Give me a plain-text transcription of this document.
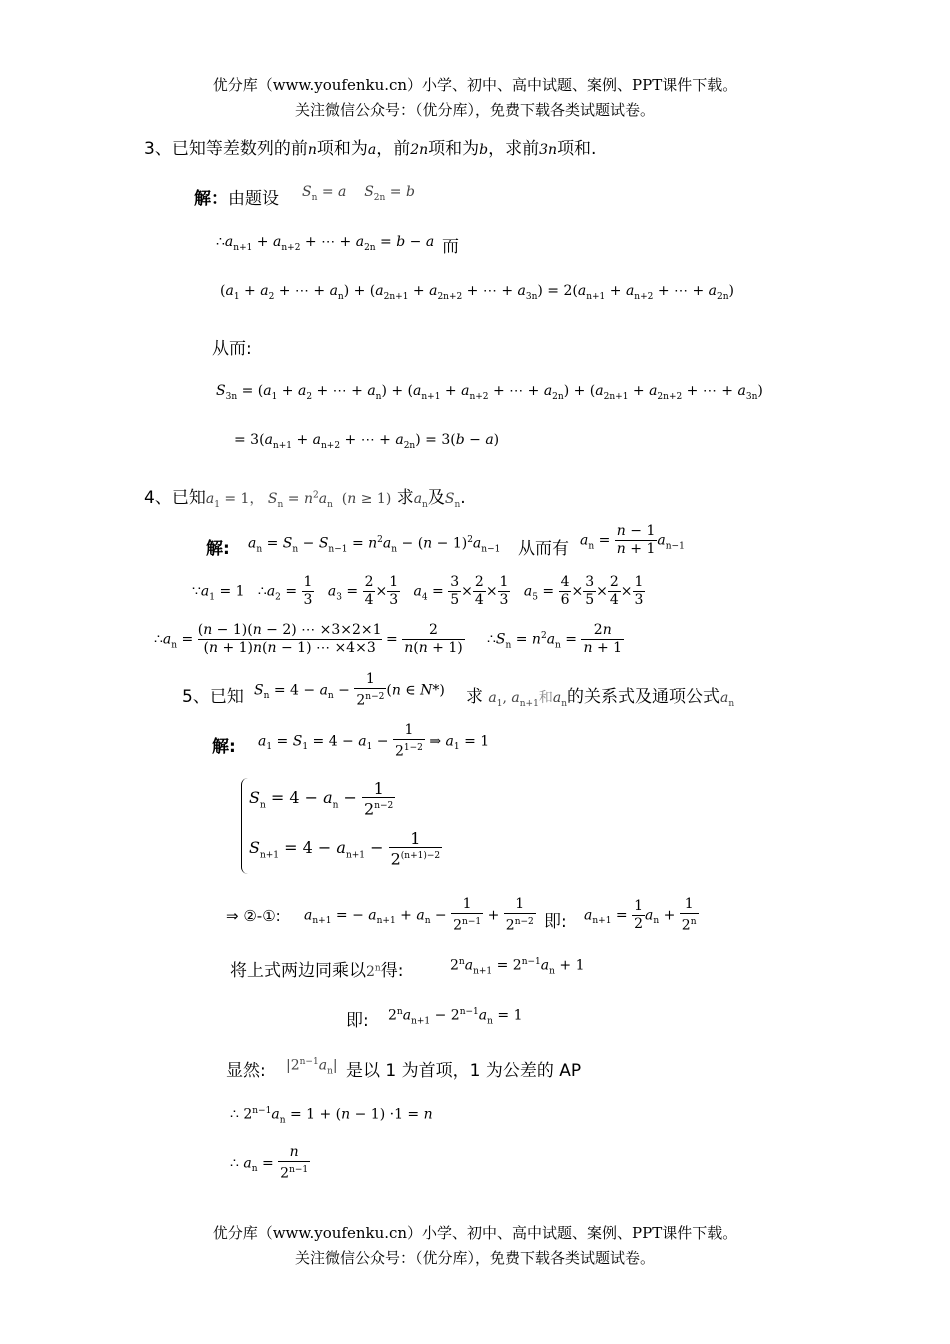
优分库（www.youfenku.cn）小学、初中、高中试题、案例、PPT课件下载。
关注微信公众号：（优分库），免费下载各类试题试卷。
3、已知等差数列的前n项和为a，前2n项和为b，求前3n项和.
解：由题设 $S_n = a$ $S_{2n} = b$
$\therefore a_{n+1} + a_{n+2}$ + ⋯ + $a_{2n} = b - a$ 而
($a_1 + a_2$ + ⋯ + $a_n) + (a_{2n+1} + a_{2n+2}$ + ⋯ + $a_{3n}) = 2(a_{n+1} + a_{n+2}$ + ⋯ + $a_{2n}$)
从而:
$S_{3n} = (a_1 + a_2$ + ⋯ + $a_n) + (a_{n+1} + a_{n+2}$ + ⋯ + $a_{2n}) + (a_{2n+1} + a_{2n+2}$ + ⋯ + $a_{3n}$)
= $3(a_{n+1} + a_{n+2}$ + ⋯ + $a_{2n}) = 3(b - a)$
4、已知$a_1 = 1$， $S_n = n^2a_n$  (n ≥ 1) 求$a_n$及$S_n$.
解: $a_n = S_n - S_{n-1} = n^2a_n - (n - 1)^2a_{n-1}$ 从而有 $a_n = \frac{n - 1}{n + 1} a_{n-1}$
$\because a_1 = 1$   $\therefore a_2 = \frac{1}{3} a_3 = \frac{2}{4} \times \frac{1}{3} a_4 = \frac{3}{5} \times \frac{2}{4} \times \frac{1}{3} a_5 = \frac{4}{6} \times \frac{3}{5} \times \frac{2}{4} \times \frac{1}{3}$
$\therefore a_n = \frac{(n - 1)(n - 2) \cdots \times 3\times 2\times 1}{(n + 1)n(n - 1) \cdots \times 4\times 3} = \frac{2}{n(n + 1)}$ $\therefore S_n = n^2a_n = \frac{2n}{n + 1}$
5、已知 $S_n = 4 - a_n - \frac{1}{2^{n-2}} (n$ ∈ N*) 求 $a_1$, $a_{n+1}$和$a_n$的关系式及通项公式$a_n$
解: $a_1 = S_1 = 4 - a_1 - \frac{1}{2^{1-2}}$ ⇒ $a_1 = 1$
$S_n = 4 - a_n - \frac{1}{2^{n-2}}$
$S_{n+1} = 4 - a_{n+1} - \frac{1}{2^{(n+1)-2}}$
⇒ ②-①: $a_{n+1}$ = − $a_{n+1} + a_n - \frac{1}{2^{n-1}} + \frac{1}{2^{n-2}}$ 即: $a_{n+1} = \frac{1}{2} a_n + \frac{1}{2^n}$
将上式两边同乘以2$^n$得:	$2^na_{n+1} = 2^{n-1}a_n + 1$
即: $2^na_{n+1} - 2^{n-1}a_n = 1$
显然: $|2^{n-1}a_n|$ 是以 1 为首项，1 为公差的 AP
∴ $2^{n-1}a_n = 1 + (n - 1) \cdot 1 = n$
∴ $a_n = \frac{n}{2^{n-1}}$
优分库（www.youfenku.cn）小学、初中、高中试题、案例、PPT课件下载。
关注微信公众号：（优分库），免费下载各类试题试卷。
